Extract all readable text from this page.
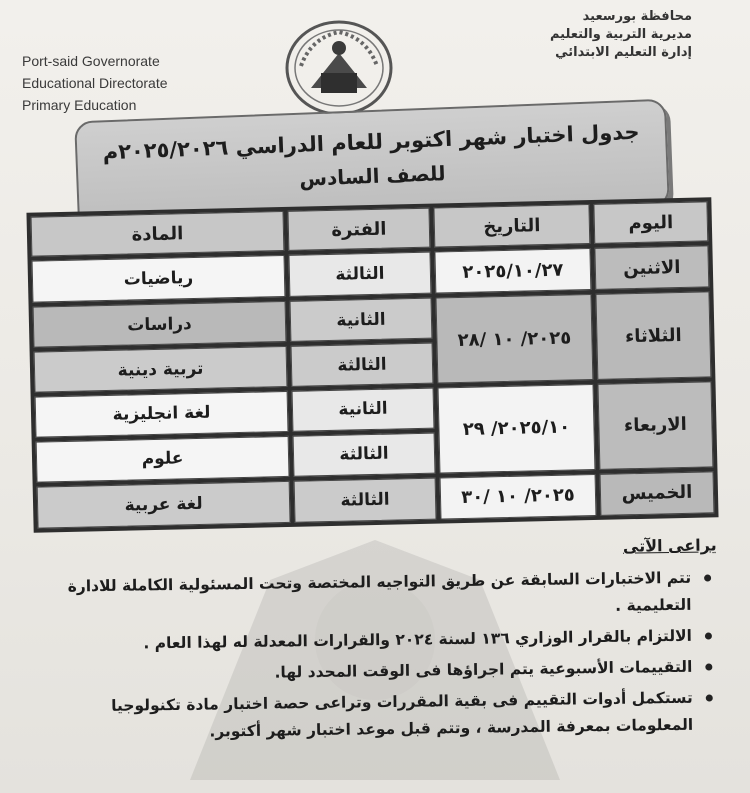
Port-said Governorate
Educational Directorate
Primary Education
محافظة بورسعيد
مديرية التربية والتعليم
إدارة التعليم الابتدائي
جدول اختبار شهر اكتوبر للعام الدراسي ٢٠٢٥/٢٠٢٦م
للصف السادس
اليوم	التاريخ	الفترة	المادة
الاثنين	٢٠٢٥/١٠/٢٧	الثالثة	رياضيات
الثلاثاء	٢٠٢٥/ ١٠ /٢٨	الثانية	دراسات
		الثالثة	تربية دينية
الاربعاء	٢٠٢٥/١٠/ ٢٩	الثانية	لغة انجليزية
		الثالثة	علوم
الخميس	٢٠٢٥/ ١٠ /٣٠	الثالثة	لغة عربية
يراعى الآتى
تتم الاختبارات السابقة عن طريق التواجيه المختصة وتحت المسئولية الكاملة للادارة التعليمية .
الالتزام بالقرار الوزاري ١٣٦ لسنة ٢٠٢٤ والقرارات المعدلة له لهذا العام .
التقييمات الأسبوعية يتم اجراؤها فى الوقت المحدد لها.
تستكمل أدوات التقييم فى بقية المقررات وتراعى حصة اختبار مادة تكنولوجيا المعلومات بمعرفة المدرسة ، وتتم قبل موعد اختبار شهر أكتوبر.
